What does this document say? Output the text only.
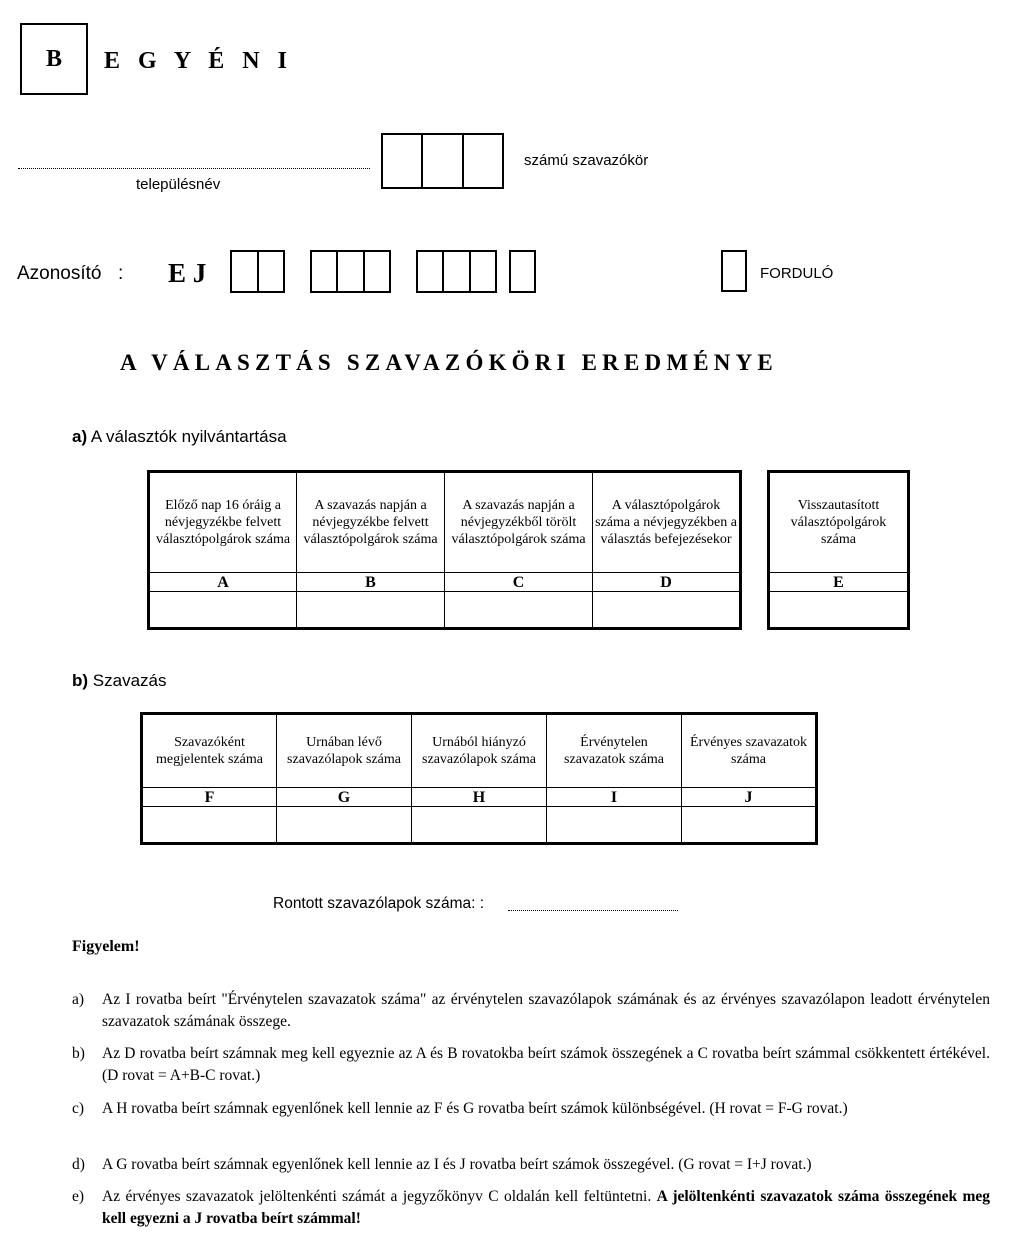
B E G Y É N I
településnév
számú szavazókör
Azonosító : E J	FORDULÓ
A VÁLASZTÁS SZAVAZÓKÖRI EREDMÉNYE
a) A választók nyilvántartása
Előző nap 16 óráig a névjegyzékbe felvett választópolgárok száma	A szavazás napján a névjegyzékbe felvett választópolgárok száma	A szavazás napján a névjegyzékből törölt választópolgárok száma	A választópolgárok száma a névjegyzékben a választás befejezésekor
A	B	C	D

Visszautasított választópolgárok száma
E

b) Szavazás
Szavazóként megjelentek száma	Urnában lévő szavazólapok száma	Urnából hiányzó szavazólapok száma	Érvénytelen szavazatok száma	Érvényes szavazatok száma
F	G	H	I	J

Rontott szavazólapok száma: :
Figyelem!
a) Az I rovatba beírt "Érvénytelen szavazatok száma" az érvénytelen szavazólapok számának és az érvényes szavazólapon leadott érvénytelen szavazatok számának összege.
b) Az D rovatba beírt számnak meg kell egyeznie az A és B rovatokba beírt számok összegének a C rovatba beírt számmal csökkentett értékével. (D rovat = A+B-C rovat.)
c) A H rovatba beírt számnak egyenlőnek kell lennie az F és G rovatba beírt számok különbségével. (H rovat = F-G rovat.)
d) A G rovatba beírt számnak egyenlőnek kell lennie az I és J rovatba beírt számok összegével. (G rovat = I+J rovat.)
e) Az érvényes szavazatok jelöltenkénti számát a jegyzőkönyv C oldalán kell feltüntetni. A jelöltenkénti szavazatok száma összegének meg kell egyezni a J rovatba beírt számmal!
